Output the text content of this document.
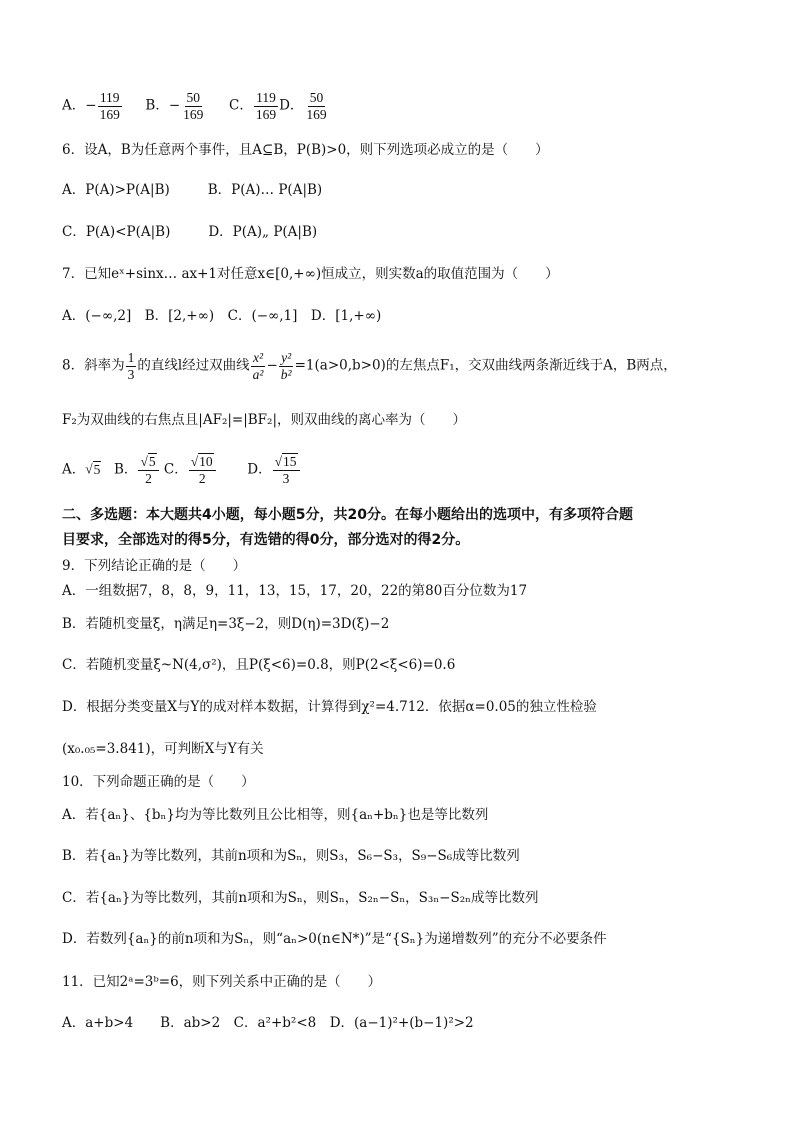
A．− $\frac{119}{169}$ B．− $\frac{50}{169}$ C． $\frac{119}{169}$ D． $\frac{50}{169}$
6．设A，B为任意两个事件，且A⊆B，P(B)>0，则下列选项必成立的是（　　）
A．P(A)>P(A|B)	B．P(A)… P(A|B)
C．P(A)<P(A|B)	D．P(A)„ P(A|B)
7．已知eˣ+sinx… ax+1对任意x∈[0,+∞)恒成立，则实数a的取值范围为（　　）
A．(−∞,2]　B．[2,+∞)　C．(−∞,1]　D．[1,+∞)
8．斜率为 $\frac{1}{3}$ 的直线l经过双曲线 $\frac{\text{x²}}{\text{a²}} - \frac{\text{y²}}{\text{b²}} =1(a>0,b>0)$的左焦点F₁，交双曲线两条渐近线于A，B两点，
F₂为双曲线的右焦点且|AF₂|=|BF₂|，则双曲线的离心率为（　　）
A．√5 B． $\frac{√5}{2}$ C． $\frac{√10}{2}$ D． $\frac{√15}{3}$
二、多选题：本大题共4小题，每小题5分，共20分。在每小题给出的选项中，有多项符合题
目要求，全部选对的得5分，有选错的得0分，部分选对的得2分。
9．下列结论正确的是（　　）
A．一组数据7，8，8，9，11，13，15，17，20，22的第80百分位数为17
B．若随机变量ξ，η满足η=3ξ−2，则D(η)=3D(ξ)−2
C．若随机变量ξ~N(4,σ²)，且P(ξ<6)=0.8，则P(2<ξ<6)=0.6
D．根据分类变量X与Y的成对样本数据，计算得到χ²=4.712．依据α=0.05的独立性检验
(x₀.₀₅=3.841)，可判断X与Y有关
10．下列命题正确的是（　　）
A．若{aₙ}、{bₙ}均为等比数列且公比相等，则{aₙ+bₙ}也是等比数列
B．若{aₙ}为等比数列，其前n项和为Sₙ，则S₃，S₆−S₃，S₉−S₆成等比数列
C．若{aₙ}为等比数列，其前n项和为Sₙ，则Sₙ，S₂ₙ−Sₙ，S₃ₙ−S₂ₙ成等比数列
D．若数列{aₙ}的前n项和为Sₙ，则“aₙ>0(n∈N*)”是“{Sₙ}为递增数列”的充分不必要条件
11．已知2ᵃ=3ᵇ=6，则下列关系中正确的是（　　）
A．a+b>4　　B．ab>2　C．a²+b²<8　D．(a−1)²+(b−1)²>2
